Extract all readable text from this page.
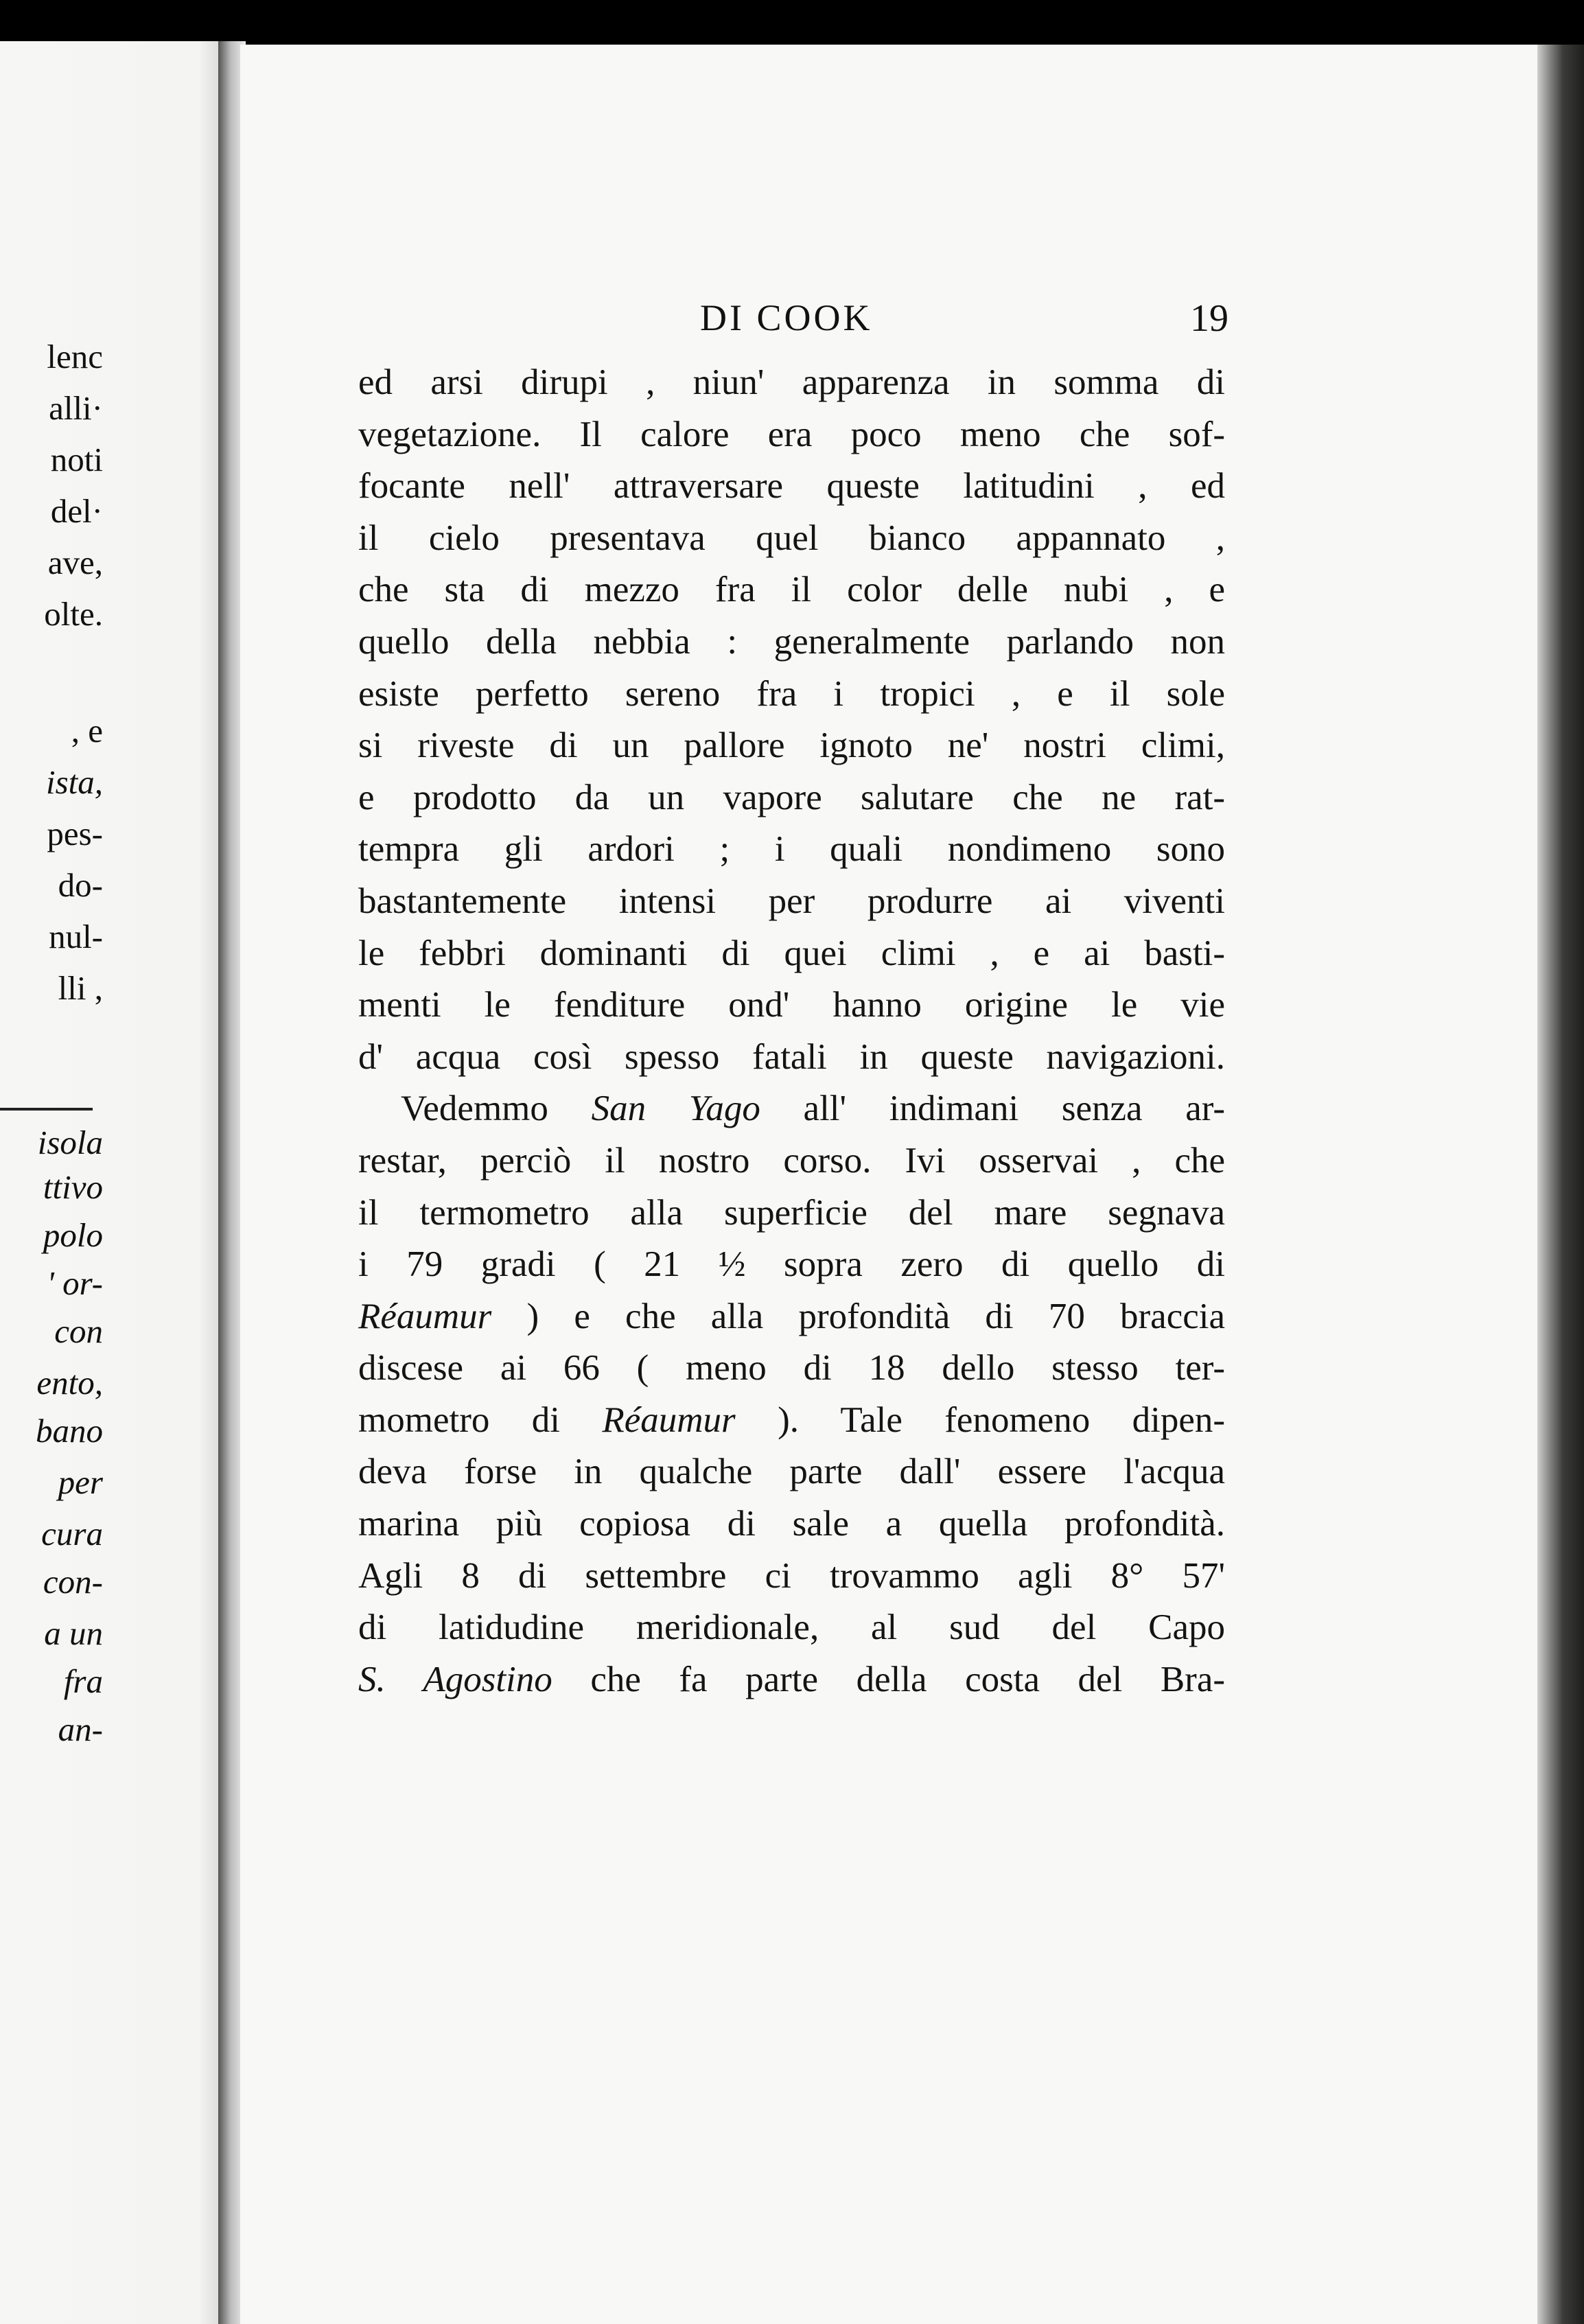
lenc
alli·
noti
del·
ave,
olte.
, e
ista,
pes-
do-
nul-
lli ,
isola
ttivo
polo
' or-
con
ento,
bano
per
cura
con-
a un
fra
an-
DI COOK	19
ed arsi dirupi , niun' apparenza in somma di
vegetazione. Il calore era poco meno che sof-
focante nell' attraversare queste latitudini , ed
il cielo presentava quel bianco appannato ,
che sta di mezzo fra il color delle nubi , e
quello della nebbia : generalmente parlando non
esiste perfetto sereno fra i tropici , e il sole
si riveste di un pallore ignoto ne' nostri climi,
e prodotto da un vapore salutare che ne rat-
tempra gli ardori ; i quali nondimeno sono
bastantemente intensi per produrre ai viventi
le febbri dominanti di quei climi , e ai basti-
menti le fenditure ond' hanno origine le vie
d' acqua così spesso fatali in queste navigazioni.
Vedemmo San Yago all' indimani senza ar-
restar, perciò il nostro corso. Ivi osservai , che
il termometro alla superficie del mare segnava
i 79 gradi ( 21 ½ sopra zero di quello di
Réaumur ) e che alla profondità di 70 braccia
discese ai 66 ( meno di 18 dello stesso ter-
mometro di Réaumur ). Tale fenomeno dipen-
deva forse in qualche parte dall' essere l'acqua
marina più copiosa di sale a quella profondità.
Agli 8 di settembre ci trovammo agli 8° 57'
di latidudine meridionale, al sud del Capo
S. Agostino che fa parte della costa del Bra-
